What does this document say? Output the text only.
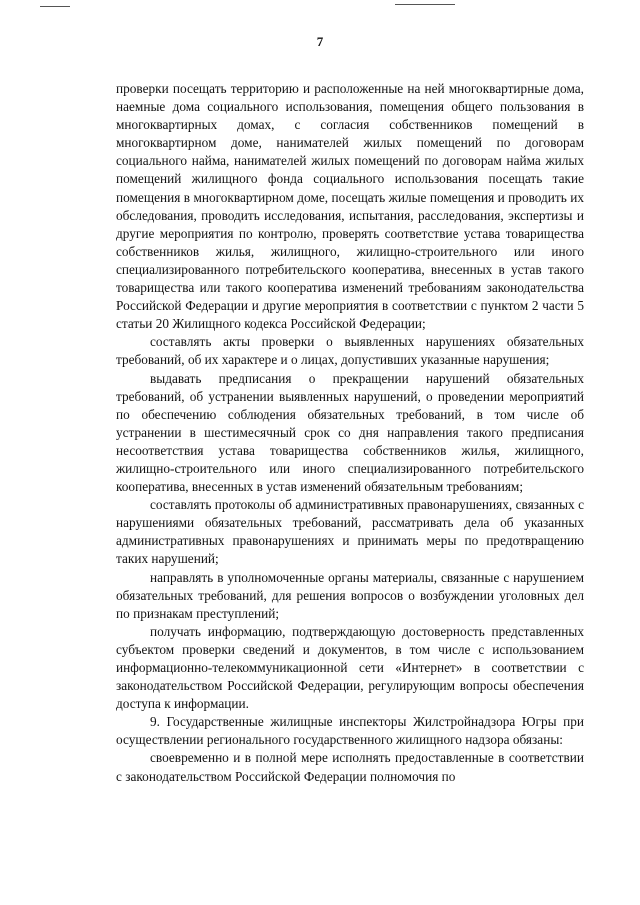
7

проверки посещать территорию и расположенные на ней многоквартирные дома, наемные дома социального использования, помещения общего пользования в многоквартирных домах, с согласия собственников помещений в многоквартирном доме, нанимателей жилых помещений по договорам социального найма, нанимателей жилых помещений по договорам найма жилых помещений жилищного фонда социального использования посещать такие помещения в многоквартирном доме, посещать жилые помещения и проводить их обследования, проводить исследования, испытания, расследования, экспертизы и другие мероприятия по контролю, проверять соответствие устава товарищества собственников жилья, жилищного, жилищно-строительного или иного специализированного потребительского кооператива, внесенных в устав такого товарищества или такого кооператива изменений требованиям законодательства Российской Федерации и другие мероприятия в соответствии с пунктом 2 части 5 статьи 20 Жилищного кодекса Российской Федерации;

составлять акты проверки о выявленных нарушениях обязательных требований, об их характере и о лицах, допустивших указанные нарушения;

выдавать предписания о прекращении нарушений обязательных требований, об устранении выявленных нарушений, о проведении мероприятий по обеспечению соблюдения обязательных требований, в том числе об устранении в шестимесячный срок со дня направления такого предписания несоответствия устава товарищества собственников жилья, жилищного, жилищно-строительного или иного специализированного потребительского кооператива, внесенных в устав изменений обязательным требованиям;

составлять протоколы об административных правонарушениях, связанных с нарушениями обязательных требований, рассматривать дела об указанных административных правонарушениях и принимать меры по предотвращению таких нарушений;

направлять в уполномоченные органы материалы, связанные с нарушением обязательных требований, для решения вопросов о возбуждении уголовных дел по признакам преступлений;

получать информацию, подтверждающую достоверность представленных субъектом проверки сведений и документов, в том числе с использованием информационно-телекоммуникационной сети «Интернет» в соответствии с законодательством Российской Федерации, регулирующим вопросы обеспечения доступа к информации.

9. Государственные жилищные инспекторы Жилстройнадзора Югры при осуществлении регионального государственного жилищного надзора обязаны:

своевременно и в полной мере исполнять предоставленные в соответствии с законодательством Российской Федерации полномочия по
